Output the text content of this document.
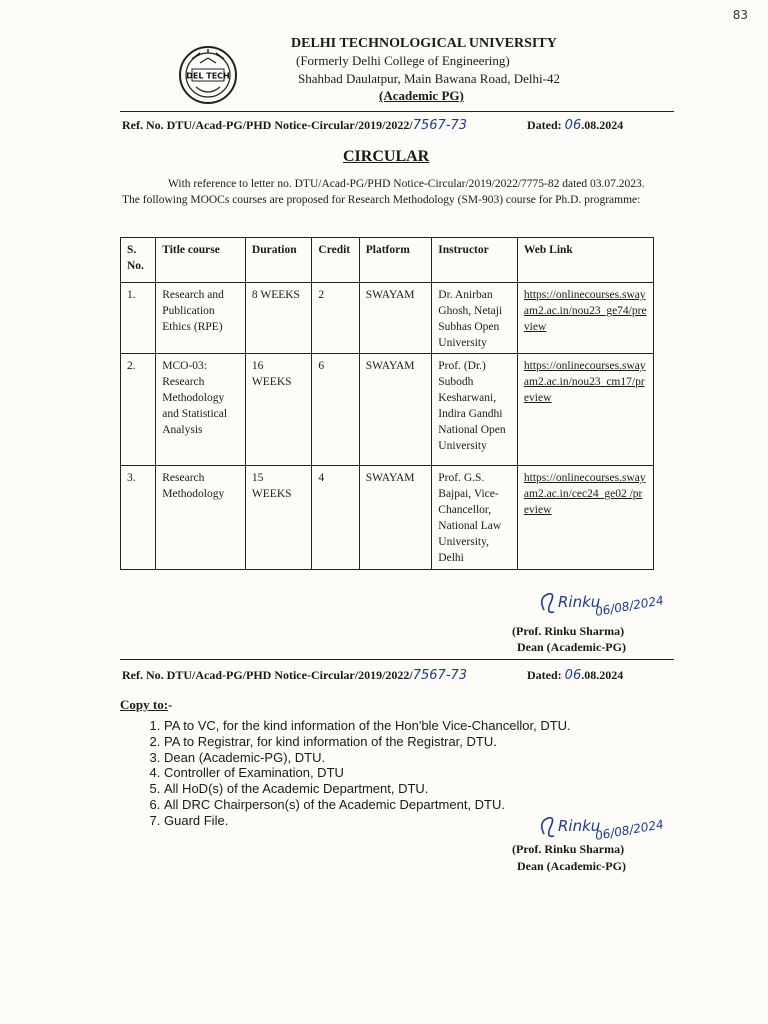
83
DEL TECH
DELHI TECHNOLOGICAL UNIVERSITY
(Formerly Delhi College of Engineering)
Shahbad Daulatpur, Main Bawana Road, Delhi-42
(Academic PG)
Ref. No. DTU/Acad-PG/PHD Notice-Circular/2019/2022/7567-73	Dated: 06.08.2024
CIRCULAR
With reference to letter no. DTU/Acad-PG/PHD Notice-Circular/2019/2022/7775-82 dated 03.07.2023. The following MOOCs courses are proposed for Research Methodology (SM-903) course for Ph.D. programme:
S. No.	Title course	Duration	Credit	Platform	Instructor	Web Link
1.	Research and Publication Ethics (RPE)	8 WEEKS	2	SWAYAM	Dr. Anirban Ghosh, Netaji Subhas Open University	https://onlinecourses.swayam2.ac.in/nou23_ge74/preview
2.	MCO-03: Research Methodology and Statistical Analysis	16 WEEKS	6	SWAYAM	Prof. (Dr.) Subodh Kesharwani, Indira Gandhi National Open University	https://onlinecourses.swayam2.ac.in/nou23_cm17/preview
3.	Research Methodology	15 WEEKS	4	SWAYAM	Prof. G.S. Bajpai, Vice-Chancellor, National Law University, Delhi	https://onlinecourses.swayam2.ac.in/cec24_ge02 /preview
Rinku
06/08/2024
(Prof. Rinku Sharma)
Dean (Academic-PG)
Ref. No. DTU/Acad-PG/PHD Notice-Circular/2019/2022/7567-73	Dated: 06.08.2024
Copy to:-
1. PA to VC, for the kind information of the Hon'ble Vice-Chancellor, DTU.
2. PA to Registrar, for kind information of the Registrar, DTU.
3. Dean (Academic-PG), DTU.
4. Controller of Examination, DTU
5. All HoD(s) of the Academic Department, DTU.
6. All DRC Chairperson(s) of the Academic Department, DTU.
7. Guard File.	Rinku
06/08/2024
(Prof. Rinku Sharma)
Dean (Academic-PG)
